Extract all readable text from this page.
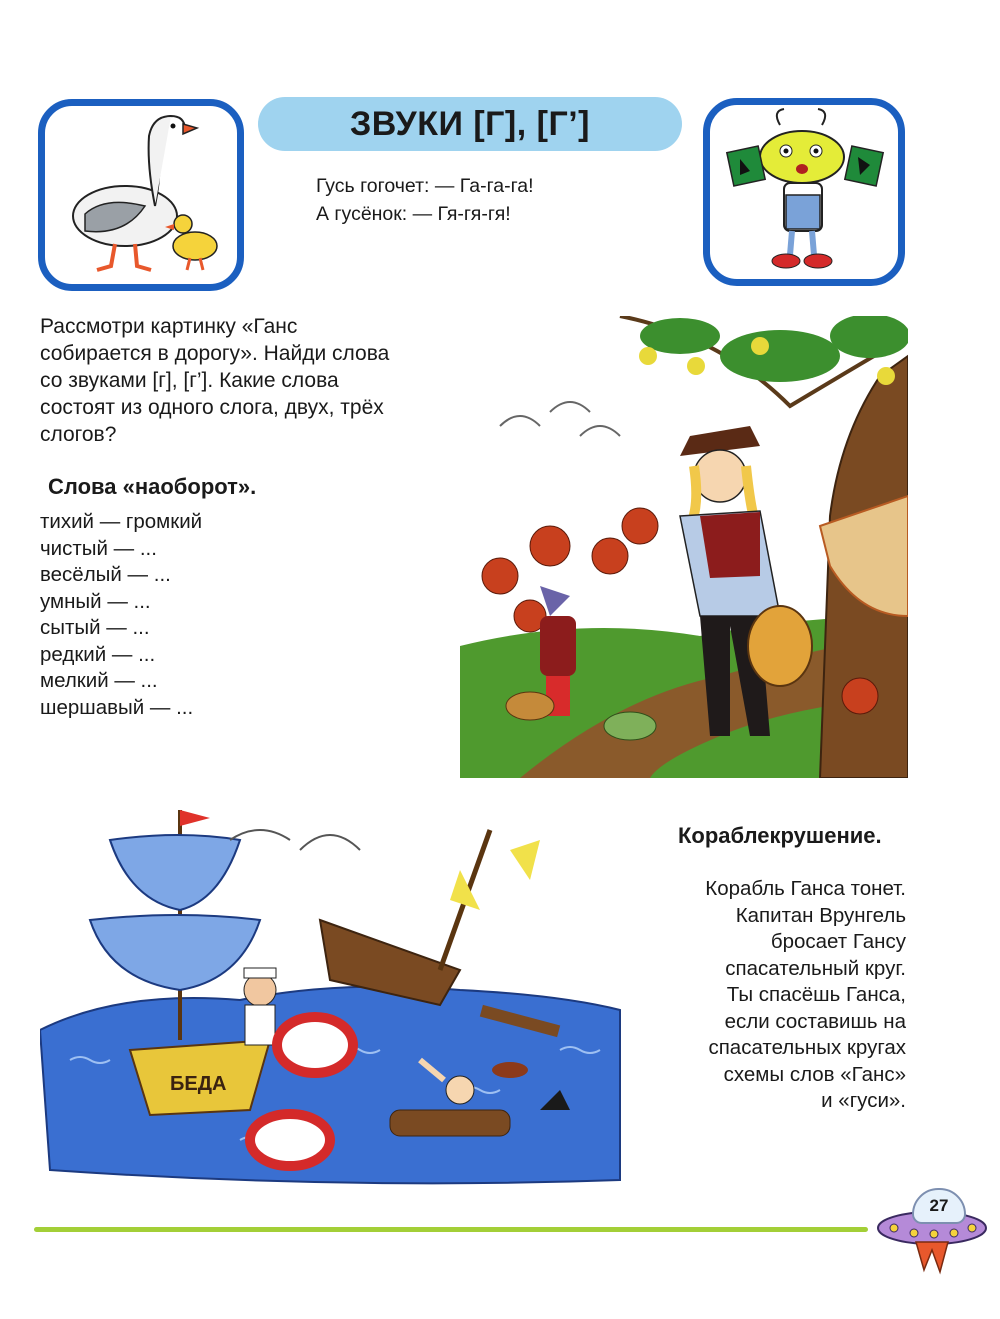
ЗВУКИ [Г], [Г’]
Гусь гогочет: — Га-га-га!
А гусёнок: — Гя-гя-гя!
Рассмотри картинку «Ганс
собирается в дорогу». Найди слова
со звуками [г], [г’]. Какие слова
состоят из одного слога, двух, трёх
слогов?
Слова «наоборот».
тихий — громкий
чистый — ...
весёлый — ...
умный — ...
сытый — ...
редкий — ...
мелкий — ...
шершавый — ...
БЕДА
Кораблекрушение.
Корабль Ганса тонет.
Капитан Врунгель
бросает Гансу
спасательный круг.
Ты спасёшь Ганса,
если составишь на
спасательных кругах
схемы слов «Ганс»
и «гуси».
27
